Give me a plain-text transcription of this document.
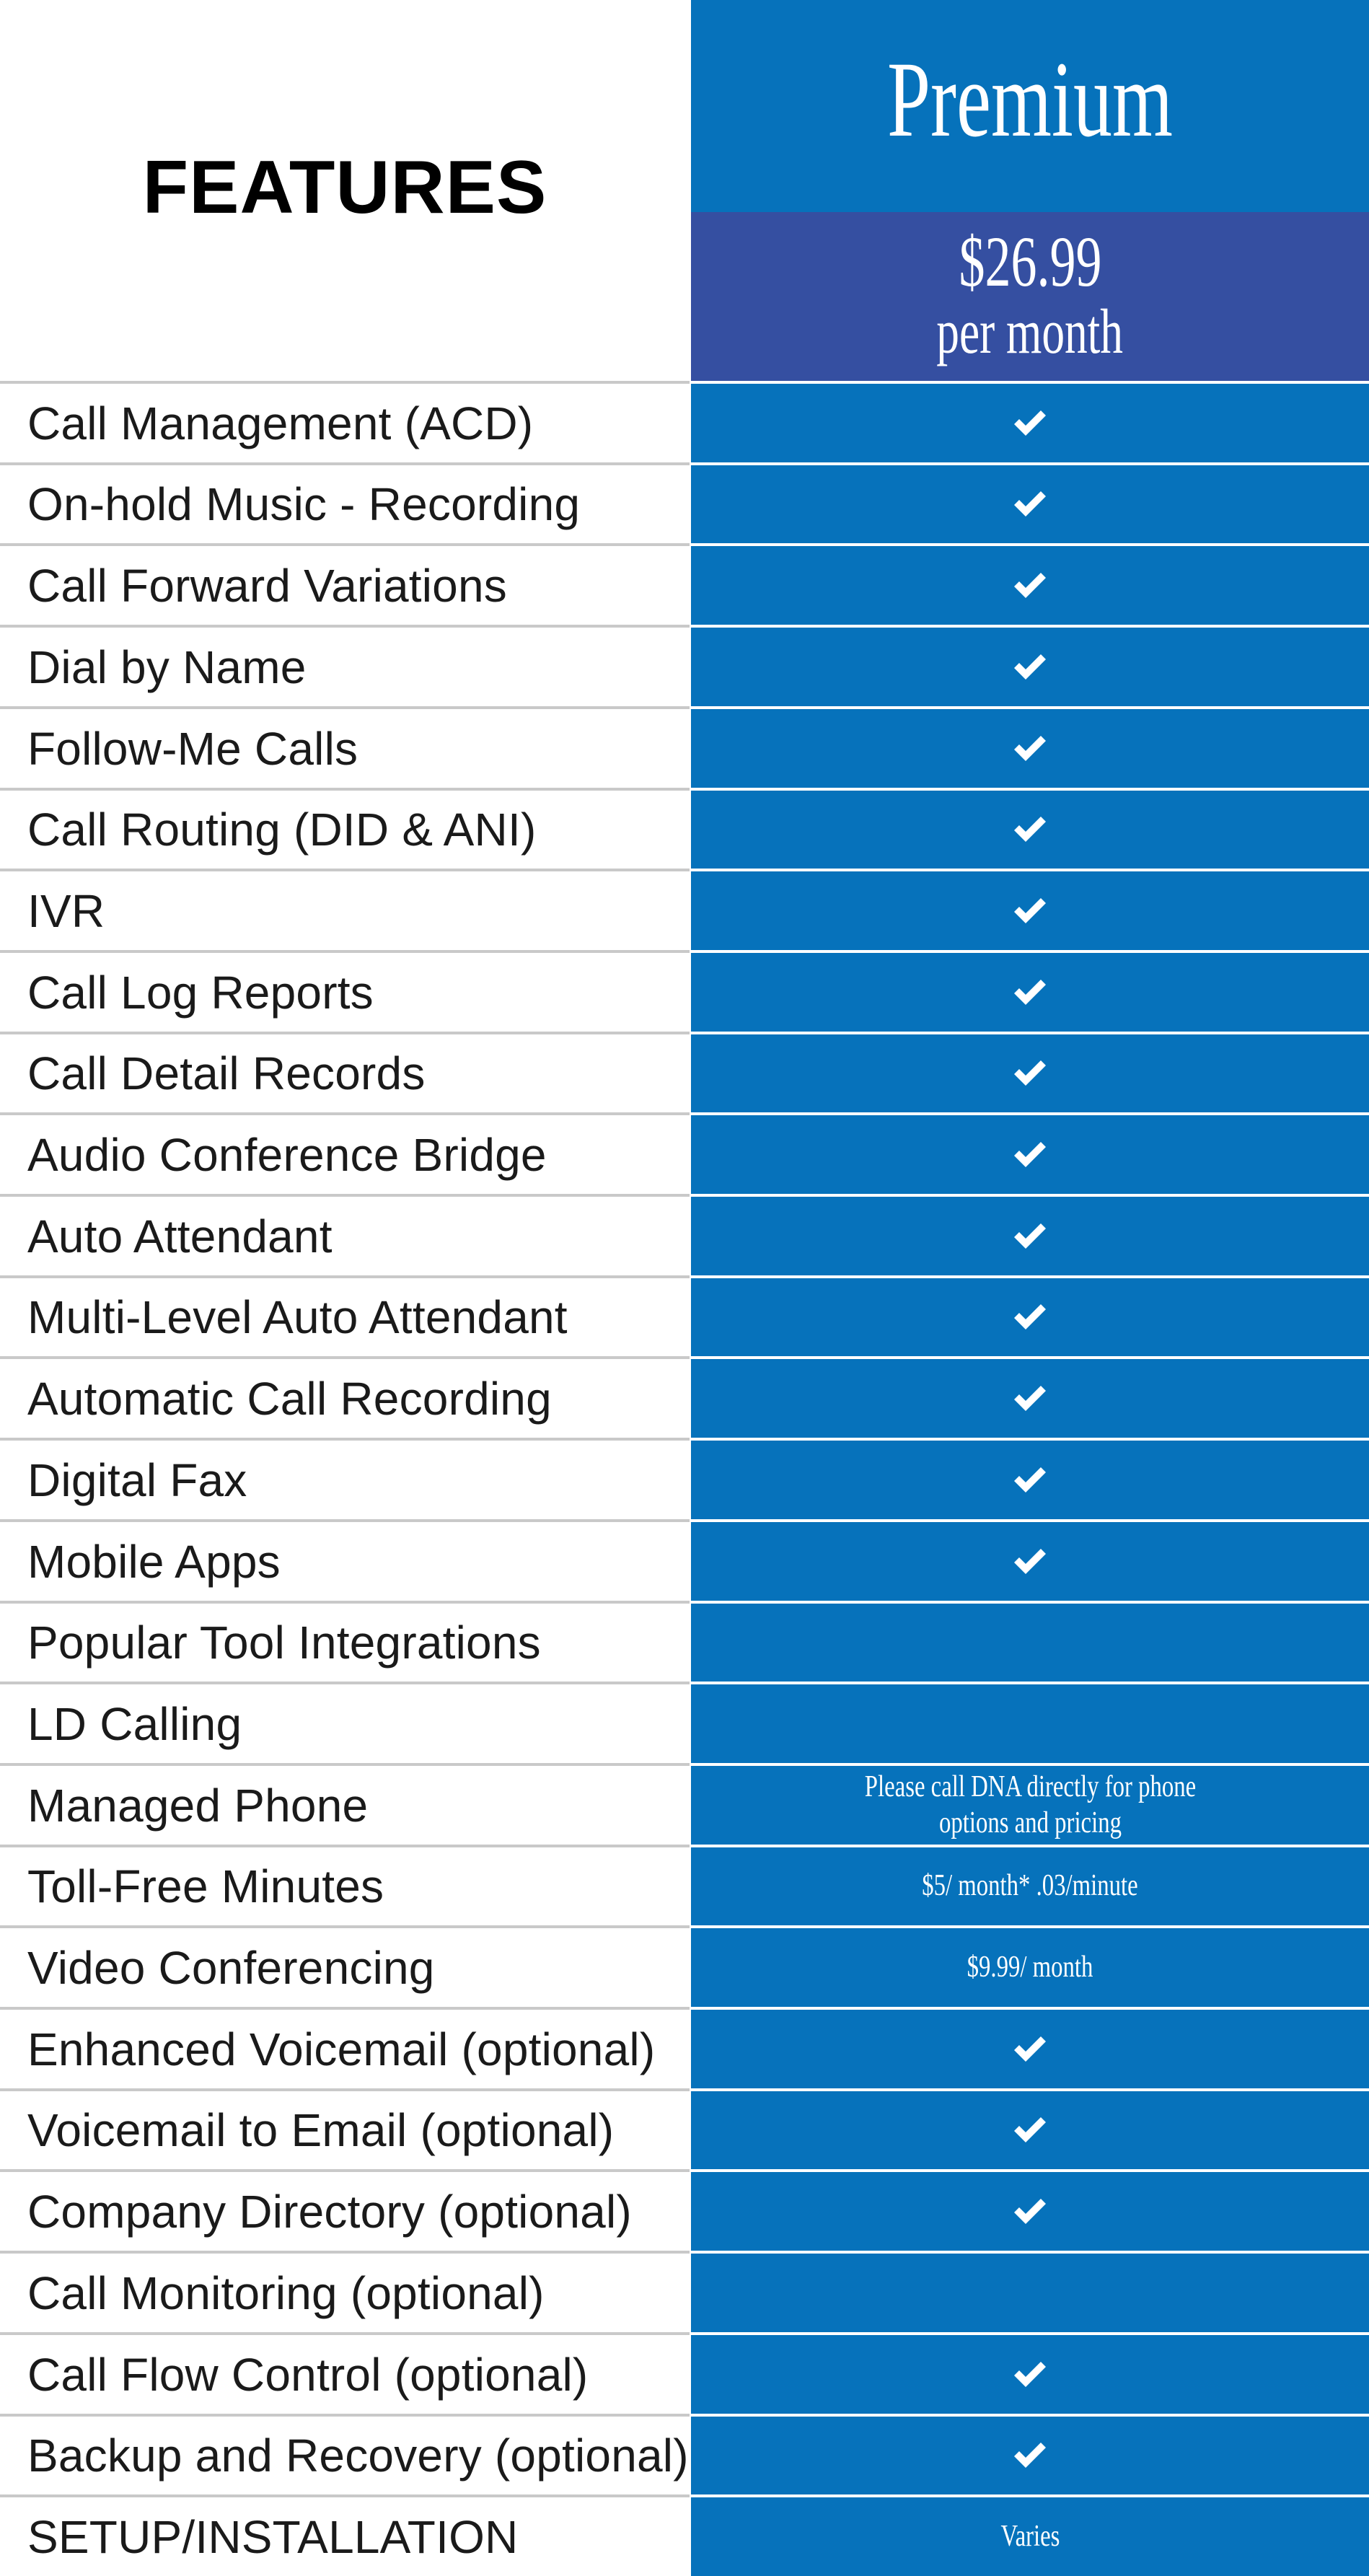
FEATURES
Premium
$26.99
per month
Call Management (ACD)
On-hold Music - Recording
Call Forward Variations
Dial by Name
Follow-Me Calls
Call Routing (DID & ANI)
IVR
Call Log Reports
Call Detail Records
Audio Conference Bridge
Auto Attendant
Multi-Level Auto Attendant
Automatic Call Recording
Digital Fax
Mobile Apps
Popular Tool Integrations
LD Calling
Managed Phone	Please call DNA directly for phone
options and pricing
Toll-Free Minutes	$5/ month* .03/minute
Video Conferencing	$9.99/ month
Enhanced Voicemail (optional)
Voicemail to Email (optional)
Company Directory (optional)
Call Monitoring (optional)
Call Flow Control (optional)
Backup and Recovery (optional)
SETUP/INSTALLATION	Varies
